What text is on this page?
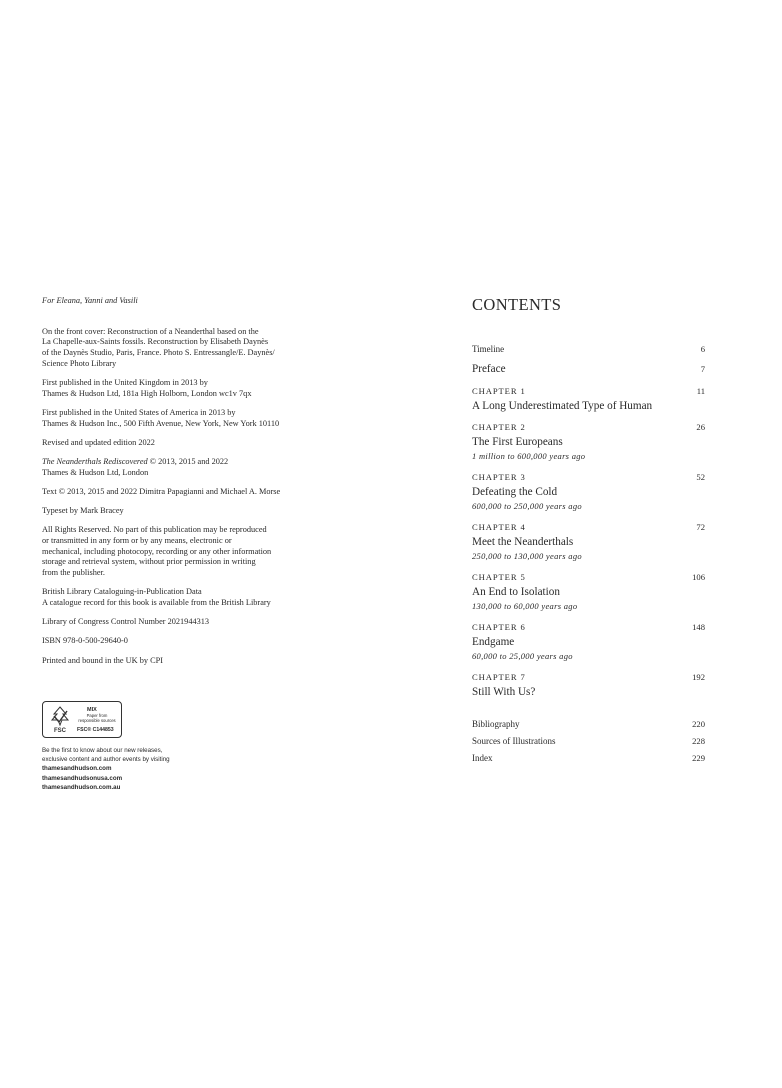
For Eleana, Yanni and Vasili

On the front cover: Reconstruction of a Neanderthal based on the
La Chapelle-aux-Saints fossils. Reconstruction by Elisabeth Daynès
of the Daynès Studio, Paris, France. Photo S. Entressangle/E. Daynès/
Science Photo Library

First published in the United Kingdom in 2013 by
Thames & Hudson Ltd, 181a High Holborn, London wc1v 7qx

First published in the United States of America in 2013 by
Thames & Hudson Inc., 500 Fifth Avenue, New York, New York 10110

Revised and updated edition 2022

The Neanderthals Rediscovered © 2013, 2015 and 2022
Thames & Hudson Ltd, London

Text © 2013, 2015 and 2022 Dimitra Papagianni and Michael A. Morse

Typeset by Mark Bracey

All Rights Reserved. No part of this publication may be reproduced
or transmitted in any form or by any means, electronic or
mechanical, including photocopy, recording or any other information
storage and retrieval system, without prior permission in writing
from the publisher.

British Library Cataloguing-in-Publication Data
A catalogue record for this book is available from the British Library

Library of Congress Control Number 2021944313

ISBN 978-0-500-29640-0

Printed and bound in the UK by CPI

FSC
MIX
Paper from responsible sources
FSC® C144853
Be the first to know about our new releases,
exclusive content and author events by visiting
thamesandhudson.com
thamesandhudsonusa.com
thamesandhudson.com.au
CONTENTS
Timeline	6
Preface	7
CHAPTER 1	11
A Long Underestimated Type of Human
CHAPTER 2	26
The First Europeans
1 million to 600,000 years ago
CHAPTER 3	52
Defeating the Cold
600,000 to 250,000 years ago
CHAPTER 4	72
Meet the Neanderthals
250,000 to 130,000 years ago
CHAPTER 5	106
An End to Isolation
130,000 to 60,000 years ago
CHAPTER 6	148
Endgame
60,000 to 25,000 years ago
CHAPTER 7	192
Still With Us?
Bibliography	220
Sources of Illustrations	228
Index	229
